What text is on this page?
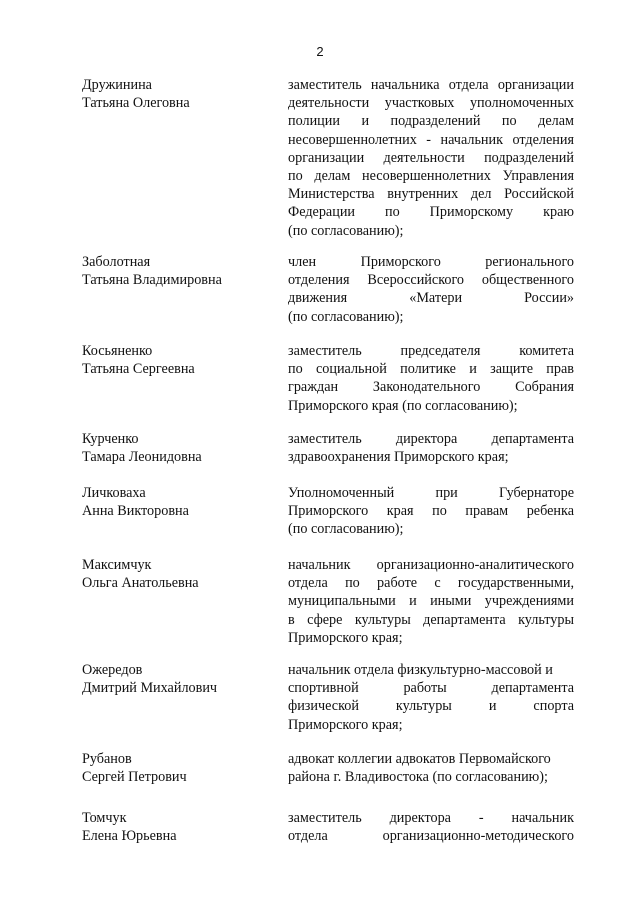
2
Дружинина
Татьяна Олеговна
заместитель начальника отдела организации
деятельности участковых уполномоченных
полиции и подразделений по делам
несовершеннолетних - начальник отделения
организации деятельности подразделений
по делам несовершеннолетних Управления
Министерства внутренних дел Российской
Федерации по Приморскому краю
(по согласованию);
Заболотная
Татьяна Владимировна
член Приморского регионального
отделения Всероссийского общественного
движения «Матери России»
(по согласованию);
Косьяненко
Татьяна Сергеевна
заместитель председателя комитета
по социальной политике и защите прав
граждан Законодательного Собрания
Приморского края (по согласованию);
Курченко
Тамара Леонидовна
заместитель директора департамента
здравоохранения Приморского края;
Личковаха
Анна Викторовна
Уполномоченный при Губернаторе
Приморского края по правам ребенка
(по согласованию);
Максимчук
Ольга Анатольевна
начальник организационно-аналитического
отдела по работе с государственными,
муниципальными и иными учреждениями
в сфере культуры департамента культуры
Приморского края;
Ожередов
Дмитрий Михайлович
начальник отдела физкультурно-массовой и
спортивной работы департамента
физической культуры и спорта
Приморского края;
Рубанов
Сергей Петрович
адвокат коллегии адвокатов Первомайского
района г. Владивостока (по согласованию);
Томчук
Елена Юрьевна
заместитель директора - начальник
отдела организационно-методического
